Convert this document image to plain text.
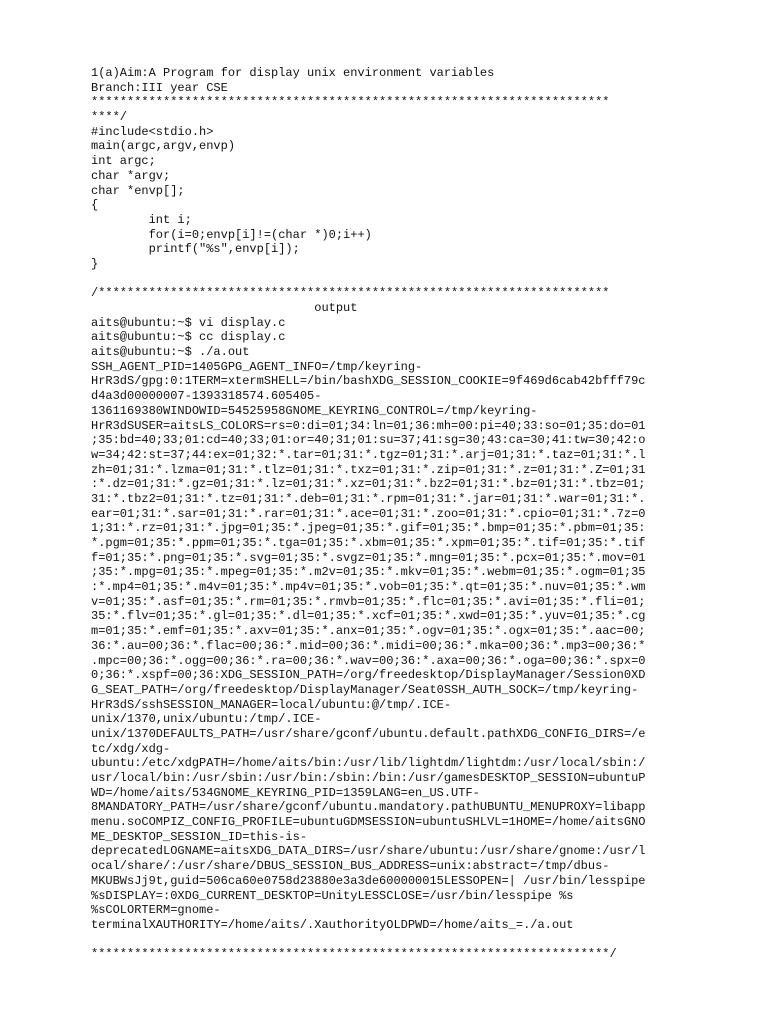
1(a)Aim:A Program for display unix environment variables
Branch:III year CSE
************************************************************************
****/
#include<stdio.h>
main(argc,argv,envp)
int argc;
char *argv;
char *envp[];
{
int i;
for(i=0;envp[i]!=(char *)0;i++)
printf("%s",envp[i]);
}
/***********************************************************************
output
aits@ubuntu:~$ vi display.c
aits@ubuntu:~$ cc display.c
aits@ubuntu:~$ ./a.out
SSH_AGENT_PID=1405GPG_AGENT_INFO=/tmp/keyring-
HrR3dS/gpg:0:1TERM=xtermSHELL=/bin/bashXDG_SESSION_COOKIE=9f469d6cab42bfff79c
d4a3d00000007-1393318574.605405-
1361169380WINDOWID=54525958GNOME_KEYRING_CONTROL=/tmp/keyring-
HrR3dSUSER=aitsLS_COLORS=rs=0:di=01;34:ln=01;36:mh=00:pi=40;33:so=01;35:do=01
;35:bd=40;33;01:cd=40;33;01:or=40;31;01:su=37;41:sg=30;43:ca=30;41:tw=30;42:o
w=34;42:st=37;44:ex=01;32:*.tar=01;31:*.tgz=01;31:*.arj=01;31:*.taz=01;31:*.l
zh=01;31:*.lzma=01;31:*.tlz=01;31:*.txz=01;31:*.zip=01;31:*.z=01;31:*.Z=01;31
:*.dz=01;31:*.gz=01;31:*.lz=01;31:*.xz=01;31:*.bz2=01;31:*.bz=01;31:*.tbz=01;
31:*.tbz2=01;31:*.tz=01;31:*.deb=01;31:*.rpm=01;31:*.jar=01;31:*.war=01;31:*.
ear=01;31:*.sar=01;31:*.rar=01;31:*.ace=01;31:*.zoo=01;31:*.cpio=01;31:*.7z=0
1;31:*.rz=01;31:*.jpg=01;35:*.jpeg=01;35:*.gif=01;35:*.bmp=01;35:*.pbm=01;35:
*.pgm=01;35:*.ppm=01;35:*.tga=01;35:*.xbm=01;35:*.xpm=01;35:*.tif=01;35:*.tif
f=01;35:*.png=01;35:*.svg=01;35:*.svgz=01;35:*.mng=01;35:*.pcx=01;35:*.mov=01
;35:*.mpg=01;35:*.mpeg=01;35:*.m2v=01;35:*.mkv=01;35:*.webm=01;35:*.ogm=01;35
:*.mp4=01;35:*.m4v=01;35:*.mp4v=01;35:*.vob=01;35:*.qt=01;35:*.nuv=01;35:*.wm
v=01;35:*.asf=01;35:*.rm=01;35:*.rmvb=01;35:*.flc=01;35:*.avi=01;35:*.fli=01;
35:*.flv=01;35:*.gl=01;35:*.dl=01;35:*.xcf=01;35:*.xwd=01;35:*.yuv=01;35:*.cg
m=01;35:*.emf=01;35:*.axv=01;35:*.anx=01;35:*.ogv=01;35:*.ogx=01;35:*.aac=00;
36:*.au=00;36:*.flac=00;36:*.mid=00;36:*.midi=00;36:*.mka=00;36:*.mp3=00;36:*
.mpc=00;36:*.ogg=00;36:*.ra=00;36:*.wav=00;36:*.axa=00;36:*.oga=00;36:*.spx=0
0;36:*.xspf=00;36:XDG_SESSION_PATH=/org/freedesktop/DisplayManager/Session0XD
G_SEAT_PATH=/org/freedesktop/DisplayManager/Seat0SSH_AUTH_SOCK=/tmp/keyring-
HrR3dS/sshSESSION_MANAGER=local/ubuntu:@/tmp/.ICE-
unix/1370,unix/ubuntu:/tmp/.ICE-
unix/1370DEFAULTS_PATH=/usr/share/gconf/ubuntu.default.pathXDG_CONFIG_DIRS=/e
tc/xdg/xdg-
ubuntu:/etc/xdgPATH=/home/aits/bin:/usr/lib/lightdm/lightdm:/usr/local/sbin:/
usr/local/bin:/usr/sbin:/usr/bin:/sbin:/bin:/usr/gamesDESKTOP_SESSION=ubuntuP
WD=/home/aits/534GNOME_KEYRING_PID=1359LANG=en_US.UTF-
8MANDATORY_PATH=/usr/share/gconf/ubuntu.mandatory.pathUBUNTU_MENUPROXY=libapp
menu.soCOMPIZ_CONFIG_PROFILE=ubuntuGDMSESSION=ubuntuSHLVL=1HOME=/home/aitsGNO
ME_DESKTOP_SESSION_ID=this-is-
deprecatedLOGNAME=aitsXDG_DATA_DIRS=/usr/share/ubuntu:/usr/share/gnome:/usr/l
ocal/share/:/usr/share/DBUS_SESSION_BUS_ADDRESS=unix:abstract=/tmp/dbus-
MKUBWsJj9t,guid=506ca60e0758d23880e3a3de600000015LESSOPEN=| /usr/bin/lesspipe
%sDISPLAY=:0XDG_CURRENT_DESKTOP=UnityLESSCLOSE=/usr/bin/lesspipe %s
%sCOLORTERM=gnome-
terminalXAUTHORITY=/home/aits/.XauthorityOLDPWD=/home/aits_=./a.out
************************************************************************/
